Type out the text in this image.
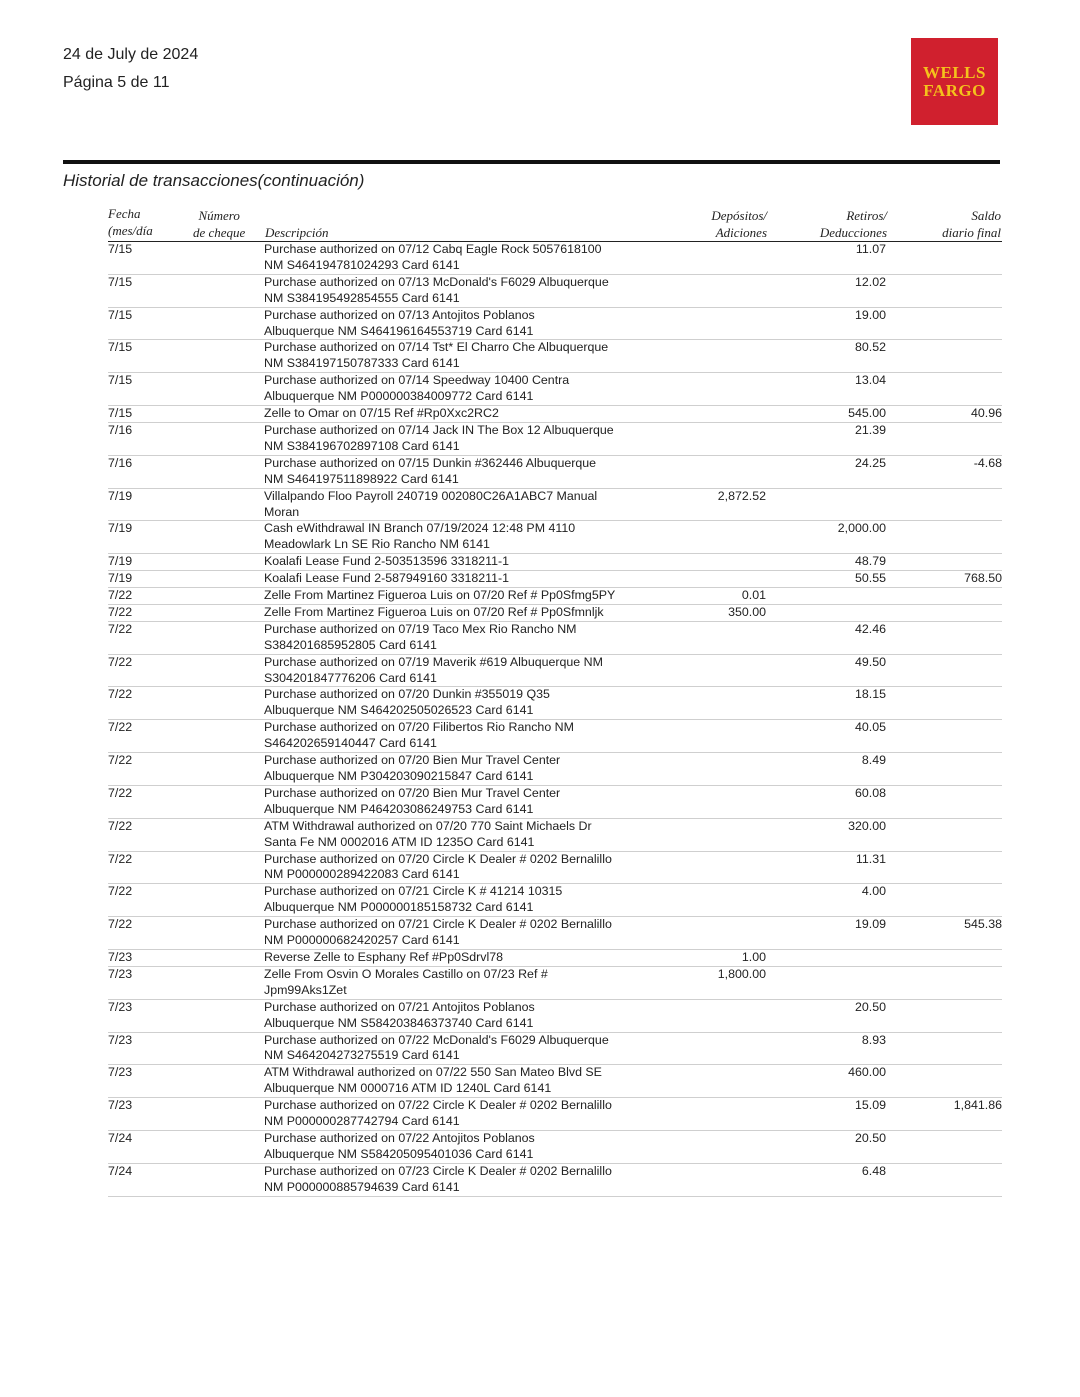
24 de July de 2024
Página 5 de 11
WELLS
FARGO
Historial de transacciones(continuación)
Fecha
(mes/día
Número
de cheque Descripción
Depósitos/
Adiciones
Retiros/
Deducciones
Saldo
diario final
7/15		Purchase authorized on 07/12 Cabq Eagle Rock 5057618100
NM S464194781024293 Card 6141		11.07	
7/15		Purchase authorized on 07/13 McDonald's F6029 Albuquerque
NM S384195492854555 Card 6141		12.02	
7/15		Purchase authorized on 07/13 Antojitos Poblanos
Albuquerque NM S464196164553719 Card 6141		19.00	
7/15		Purchase authorized on 07/14 Tst* El Charro Che Albuquerque
NM S384197150787333 Card 6141		80.52	
7/15		Purchase authorized on 07/14 Speedway 10400 Centra
Albuquerque NM P000000384009772 Card 6141		13.04	
7/15		Zelle to Omar on 07/15 Ref #Rp0Xxc2RC2		545.00	40.96
7/16		Purchase authorized on 07/14 Jack IN The Box 12 Albuquerque
NM S384196702897108 Card 6141		21.39	
7/16		Purchase authorized on 07/15 Dunkin #362446 Albuquerque
NM S464197511898922 Card 6141		24.25	-4.68
7/19		Villalpando Floo Payroll 240719 002080C26A1ABC7 Manual
Moran	2,872.52		
7/19		Cash eWithdrawal IN Branch 07/19/2024 12:48 PM 4110
Meadowlark Ln SE Rio Rancho NM 6141		2,000.00	
7/19		Koalafi Lease Fund 2-503513596 3318211-1		48.79	
7/19		Koalafi Lease Fund 2-587949160 3318211-1		50.55	768.50
7/22		Zelle From Martinez Figueroa Luis on 07/20 Ref # Pp0Sfmg5PY	0.01		
7/22		Zelle From Martinez Figueroa Luis on 07/20 Ref # Pp0Sfmnljk	350.00		
7/22		Purchase authorized on 07/19 Taco Mex Rio Rancho NM
S384201685952805 Card 6141		42.46	
7/22		Purchase authorized on 07/19 Maverik #619 Albuquerque NM
S304201847776206 Card 6141		49.50	
7/22		Purchase authorized on 07/20 Dunkin #355019 Q35
Albuquerque NM S464202505026523 Card 6141		18.15	
7/22		Purchase authorized on 07/20 Filibertos Rio Rancho NM
S464202659140447 Card 6141		40.05	
7/22		Purchase authorized on 07/20 Bien Mur Travel Center
Albuquerque NM P304203090215847 Card 6141		8.49	
7/22		Purchase authorized on 07/20 Bien Mur Travel Center
Albuquerque NM P464203086249753 Card 6141		60.08	
7/22		ATM Withdrawal authorized on 07/20 770 Saint Michaels Dr
Santa Fe NM 0002016 ATM ID 1235O Card 6141		320.00	
7/22		Purchase authorized on 07/20 Circle K Dealer # 0202 Bernalillo
NM P000000289422083 Card 6141		11.31	
7/22		Purchase authorized on 07/21 Circle K # 41214 10315
Albuquerque NM P000000185158732 Card 6141		4.00	
7/22		Purchase authorized on 07/21 Circle K Dealer # 0202 Bernalillo
NM P000000682420257 Card 6141		19.09	545.38
7/23		Reverse Zelle to Esphany Ref #Pp0Sdrvl78	1.00		
7/23		Zelle From Osvin O Morales Castillo on 07/23 Ref #
Jpm99Aks1Zet	1,800.00		
7/23		Purchase authorized on 07/21 Antojitos Poblanos
Albuquerque NM S584203846373740 Card 6141		20.50	
7/23		Purchase authorized on 07/22 McDonald's F6029 Albuquerque
NM S464204273275519 Card 6141		8.93	
7/23		ATM Withdrawal authorized on 07/22 550 San Mateo Blvd SE
Albuquerque NM 0000716 ATM ID 1240L Card 6141		460.00	
7/23		Purchase authorized on 07/22 Circle K Dealer # 0202 Bernalillo
NM P000000287742794 Card 6141		15.09	1,841.86
7/24		Purchase authorized on 07/22 Antojitos Poblanos
Albuquerque NM S584205095401036 Card 6141		20.50	
7/24		Purchase authorized on 07/23 Circle K Dealer # 0202 Bernalillo
NM P000000885794639 Card 6141		6.48	
